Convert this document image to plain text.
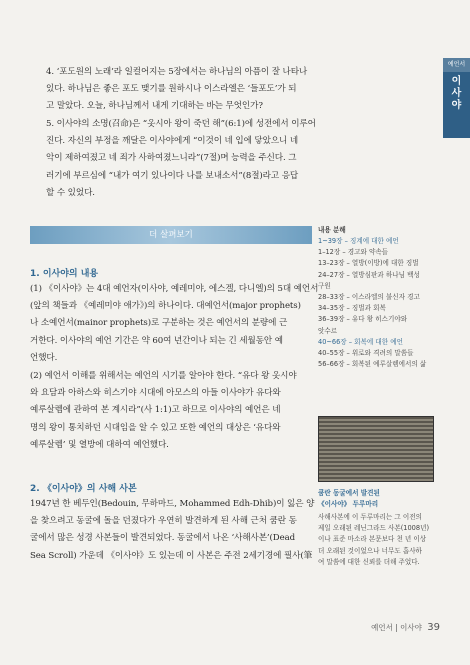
예언서
이
사
야
4. ‘포도원의 노래’라 일컬어지는 5장에서는 하나님의 아픔이 잘 나타나
있다. 하나님은 좋은 포도 맺기를 원하시나 이스라엘은 ‘들포도’가 되
고 말았다. 오늘, 하나님께서 내게 기대하는 바는 무엇인가?
5. 이사야의 소명(召命)은 “옷시아 왕이 죽던 해”(6:1)에 성전에서 이루어
진다. 자신의 부정을 깨달은 이사야에게 “이것이 네 입에 닿았으니 네
악이 제하여졌고 네 죄가 사하여졌느니라”(7절)며 능력을 주신다. 그
러기에 부르심에 “내가 여기 있나이다 나를 보내소서”(8절)라고 응답
할 수 있었다.
더 살펴보기
1. 이사야의 내용
(1) 《이사야》는 4대 예언자(이사야, 예레미야, 에스겔, 다니엘)의 5대 예언서
(앞의 책들과 《예레미야 애가》)의 하나이다. 대예언서(major prophets)
나 소예언서(mainor prophets)로 구분하는 것은 예언서의 분량에 근
거한다. 이사야의 예언 기간은 약 60여 년간이나 되는 긴 세월동안 예
언했다.
(2) 예언서 이해를 위해서는 예언의 시기를 알아야 한다. “유다 왕 옷시야
와 요담과 아하스와 히스기야 시대에 아모스의 아들 이사야가 유다와
예루살렘에 관하여 본 계시라”(사 1:1)고 하므로 이사야의 예언은 네
명의 왕이 통치하던 시대임을 알 수 있고 또한 예언의 대상은 ‘유다와
예루살렘’ 및 열방에 대하여 예언했다.
2. 《이사야》의 사해 사본
1947년 한 베두인(Bedouin, 무하마드, Mohammed Edh-Dhib)이 잃은 양
을 찾으려고 동굴에 돌을 던졌다가 우연히 발견하게 된 사해 근처 쿰란 동
굴에서 많은 성경 사본들이 발견되었다. 동굴에서 나온 ‘사해사본’(Dead
Sea Scroll) 가운데 《이사야》도 있는데 이 사본은 주전 2세기경에 필사(筆
내용 분해
1~39장 – 징계에 대한 예언
1–12장 – 경고와 약속들
13–23장 – 열방(이방)에 대한 징벌
24–27장 – 열방심판과 하나님 백성
구원
28–33장 – 이스라엘의 불신자 경고
34–35장 – 징벌과 회복
36–39장 – 유다 왕 히스기야와
앗수르
40~66장 – 회복에 대한 예언
40–55장 – 위로와 격려의 말씀들
56–66장 – 회복된 예루살렘에서의 삶
쿰란 동굴에서 발견된
《이사야》 두루마리
사해사본에 이 두루마리는 그 이전의
제일 오래된 레닌그라드 사본(1008년)
이나 표준 마소라 본문보다 천 년 이상
더 오래된 것이었으나 너무도 흡사하
여 말씀에 대한 신뢰를 더해 주었다.
예언서 | 이사야 39
